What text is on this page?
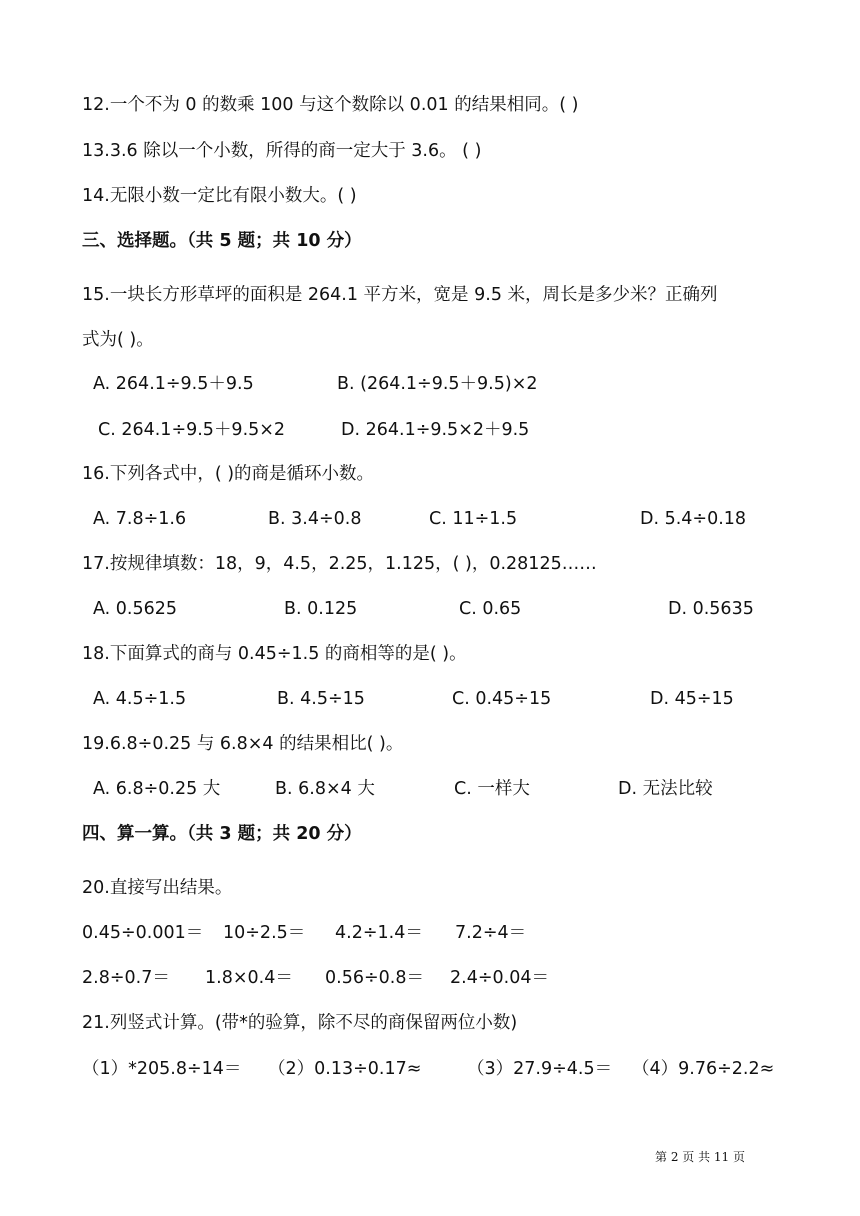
12.一个不为 0 的数乘 100 与这个数除以 0.01 的结果相同。( )
13.3.6 除以一个小数，所得的商一定大于 3.6。 ( )
14.无限小数一定比有限小数大。( )
三、选择题。（共 5 题；共 10 分）
15.一块长方形草坪的面积是 264.1 平方米，宽是 9.5 米，周长是多少米？正确列
式为( )。
A. 264.1÷9.5＋9.5	B. (264.1÷9.5＋9.5)×2
C. 264.1÷9.5＋9.5×2	D. 264.1÷9.5×2＋9.5
16.下列各式中，( )的商是循环小数。
A. 7.8÷1.6	B. 3.4÷0.8	C. 11÷1.5	D. 5.4÷0.18
17.按规律填数：18，9，4.5，2.25，1.125，( )，0.28125……
A. 0.5625	B. 0.125	C. 0.65	D. 0.5635
18.下面算式的商与 0.45÷1.5 的商相等的是( )。
A. 4.5÷1.5	B. 4.5÷15	C. 0.45÷15	D. 45÷15
19.6.8÷0.25 与 6.8×4 的结果相比( )。
A. 6.8÷0.25 大	B. 6.8×4 大	C. 一样大	D. 无法比较
四、算一算。（共 3 题；共 20 分）
20.直接写出结果。
0.45÷0.001＝ 10÷2.5＝ 4.2÷1.4＝ 7.2÷4＝
2.8÷0.7＝ 1.8×0.4＝ 0.56÷0.8＝ 2.4÷0.04＝
21.列竖式计算。(带*的验算，除不尽的商保留两位小数)
（1）*205.8÷14＝ （2）0.13÷0.17≈	（3）27.9÷4.5＝ （4）9.76÷2.2≈
第 2 页 共 11 页
